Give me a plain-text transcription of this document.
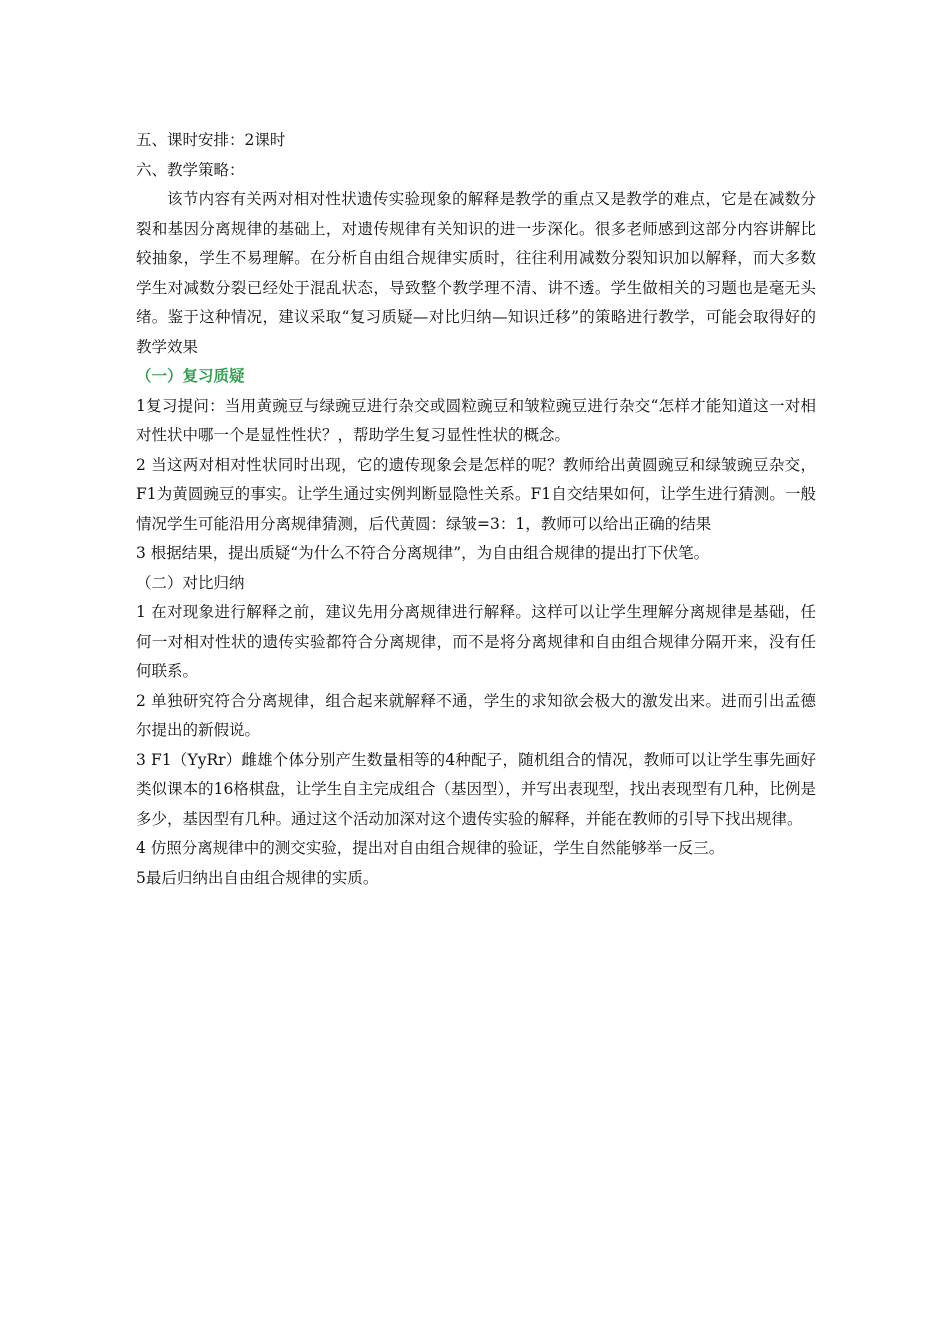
五、课时安排：2课时

六、教学策略：

该节内容有关两对相对性状遗传实验现象的解释是教学的重点又是教学的难点，它是在减数分裂和基因分离规律的基础上，对遗传规律有关知识的进一步深化。很多老师感到这部分内容讲解比较抽象，学生不易理解。在分析自由组合规律实质时，往往利用减数分裂知识加以解释，而大多数学生对减数分裂已经处于混乱状态，导致整个教学理不清、讲不透。学生做相关的习题也是毫无头绪。鉴于这种情况，建议采取“复习质疑—对比归纳—知识迁移”的策略进行教学，可能会取得好的教学效果

（一）复习质疑

1复习提问：当用黄豌豆与绿豌豆进行杂交或圆粒豌豆和皱粒豌豆进行杂交“怎样才能知道这一对相对性状中哪一个是显性性状？，帮助学生复习显性性状的概念。

2 当这两对相对性状同时出现，它的遗传现象会是怎样的呢？教师给出黄圆豌豆和绿皱豌豆杂交，F1为黄圆豌豆的事实。让学生通过实例判断显隐性关系。F1自交结果如何，让学生进行猜测。一般情况学生可能沿用分离规律猜测，后代黄圆：绿皱=3：1，教师可以给出正确的结果

3 根据结果，提出质疑“为什么不符合分离规律”，为自由组合规律的提出打下伏笔。

（二）对比归纳

1 在对现象进行解释之前，建议先用分离规律进行解释。这样可以让学生理解分离规律是基础，任何一对相对性状的遗传实验都符合分离规律，而不是将分离规律和自由组合规律分隔开来，没有任何联系。

2 单独研究符合分离规律，组合起来就解释不通，学生的求知欲会极大的激发出来。进而引出孟德尔提出的新假说。

3 F1（YyRr）雌雄个体分别产生数量相等的4种配子，随机组合的情况，教师可以让学生事先画好类似课本的16格棋盘，让学生自主完成组合（基因型），并写出表现型，找出表现型有几种，比例是多少，基因型有几种。通过这个活动加深对这个遗传实验的解释，并能在教师的引导下找出规律。

4 仿照分离规律中的测交实验，提出对自由组合规律的验证，学生自然能够举一反三。

5最后归纳出自由组合规律的实质。
